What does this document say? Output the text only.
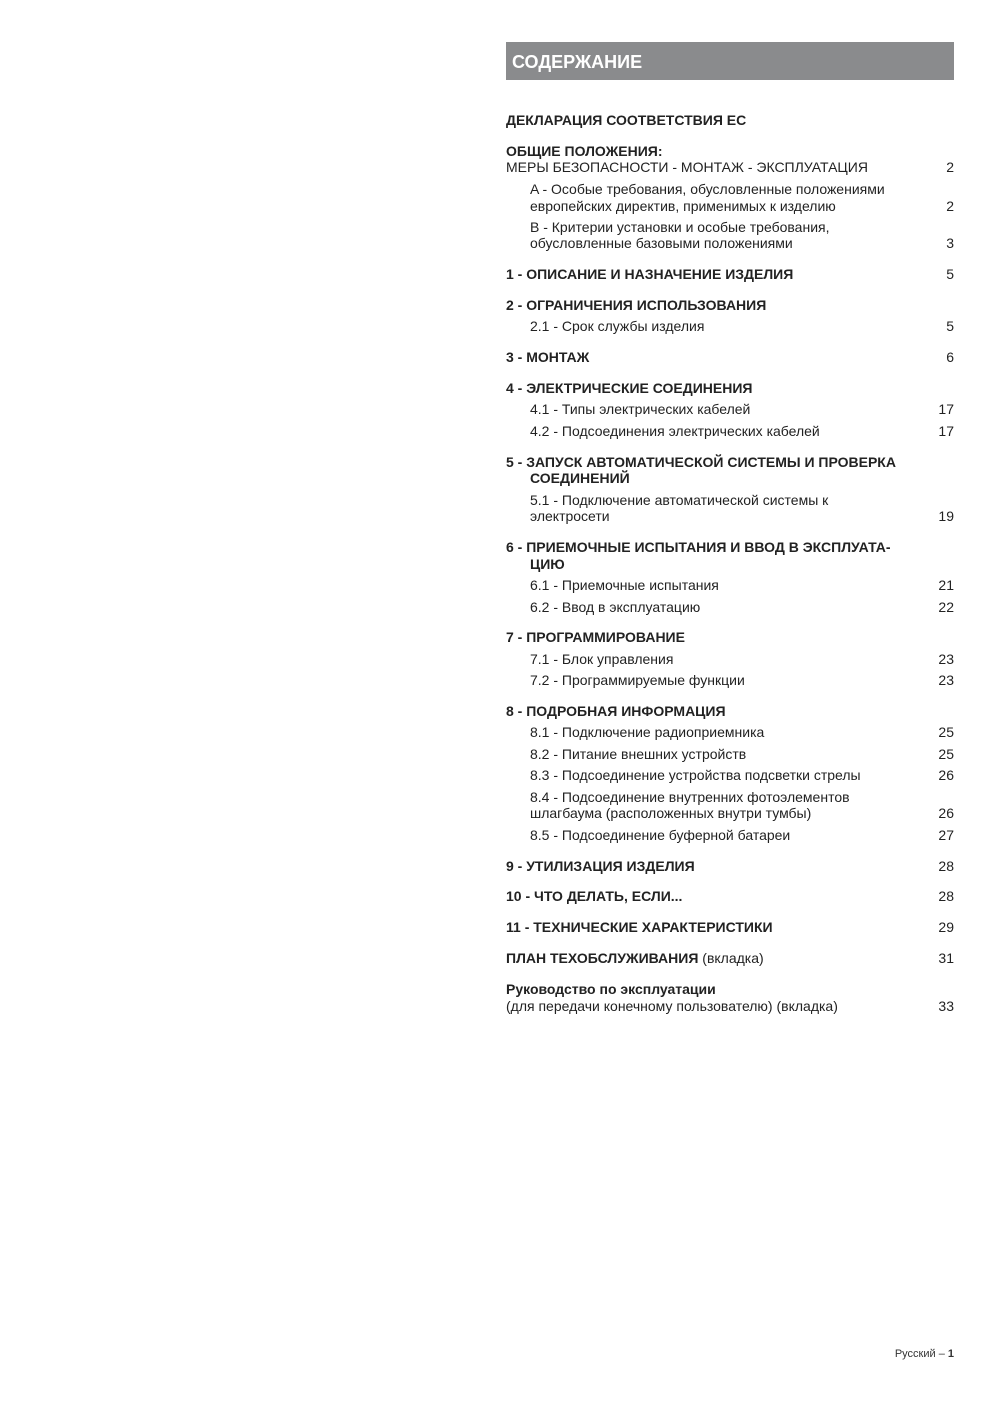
СОДЕРЖАНИЕ
ДЕКЛАРАЦИЯ СООТВЕТСТВИЯ ЕС
ОБЩИЕ ПОЛОЖЕНИЯ:
МЕРЫ БЕЗОПАСНОСТИ - МОНТАЖ - ЭКСПЛУАТАЦИЯ	2
A - Особые требования, обусловленные положениями
европейских директив, применимых к изделию	2
B - Критерии установки и особые требования,
обусловленные базовыми положениями	3
1 - ОПИСАНИЕ И НАЗНАЧЕНИЕ ИЗДЕЛИЯ	5
2 - ОГРАНИЧЕНИЯ ИСПОЛЬЗОВАНИЯ
2.1 - Срок службы изделия	5
3 - МОНТАЖ	6
4 - ЭЛЕКТРИЧЕСКИЕ СОЕДИНЕНИЯ
4.1 - Типы электрических кабелей	17
4.2 - Подсоединения электрических кабелей	17
5 - ЗАПУСК АВТОМАТИЧЕСКОЙ СИСТЕМЫ И ПРОВЕРКА
СОЕДИНЕНИЙ
5.1 - Подключение автоматической системы к
электросети	19
6 - ПРИЕМОЧНЫЕ ИСПЫТАНИЯ И ВВОД В ЭКСПЛУАТА-
ЦИЮ
6.1 - Приемочные испытания	21
6.2 - Ввод в эксплуатацию	22
7 - ПРОГРАММИРОВАНИЕ
7.1 - Блок управления	23
7.2 - Программируемые функции	23
8 - ПОДРОБНАЯ ИНФОРМАЦИЯ
8.1 - Подключение радиоприемника	25
8.2 - Питание внешних устройств	25
8.3 - Подсоединение устройства подсветки стрелы	26
8.4 - Подсоединение внутренних фотоэлементов
шлагбаума (расположенных внутри тумбы)	26
8.5 - Подсоединение буферной батареи	27
9 - УТИЛИЗАЦИЯ ИЗДЕЛИЯ	28
10 - ЧТО ДЕЛАТЬ, ЕСЛИ...	28
11 - ТЕХНИЧЕСКИЕ ХАРАКТЕРИСТИКИ	29
ПЛАН ТЕХОБСЛУЖИВАНИЯ (вкладка)	31
Руководство по эксплуатации
(для передачи конечному пользователю) (вкладка)	33
Русский – 1
